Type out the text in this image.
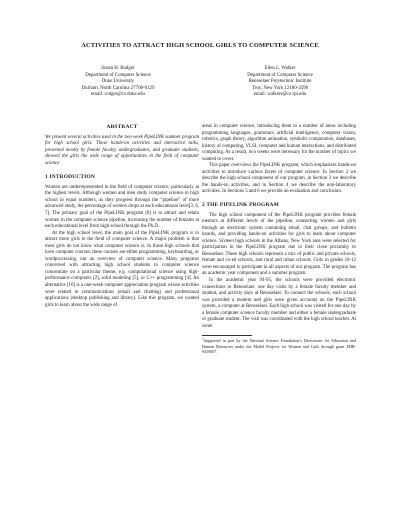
ACTIVITIES TO ATTRACT HIGH SCHOOL GIRLS TO COMPUTER SCIENCE
Susan H. Rodger
Department of Computer Science
Duke University
Durham, North Carolina 27708-0129
email: rodger@cs.duke.edu
Ellen L. Walker
Department of Computer Science
Rensselaer Polytechnic Institute
Troy, New York 12180-3590
email: walkere@cs.rpi.edu
ABSTRACT

We present several activities used in the two-week PipeLINK summer program for high school girls. These hands-on activities and interactive talks, presented mostly by female faculty, undergraduates, and graduate students, showed the girls the wide range of opportunities in the field of computer science

1 INTRODUCTION

Women are underrepresented in the field of computer science, particularly at the highest levels. Although women and men study computer science in high school in equal numbers, as they progress through the “pipeline” of more advanced study, the percentage of women drops at each educational level[3, 6, 7]. The primary goal of the PipeLINK program [8] is to attract and retain women in the computer science pipeline, increasing the number of females at each educational level from high school through the Ph.D.

At the high school level, the main goal of the PipeLINK program is to attract more girls to the field of computer science. A major problem is that most girls do not know what computer science is. In those high schools that have computer courses, these courses are either programming, keyboarding, or wordprocessing, not an overview of computer science. Many programs concerned with attracting high school students to computer science concentrate on a particular theme, e.g. computational science using high-performance computers [2], solid modeling [5], or C++ programming [4]. An alternative [10] is a one-week computer appreciation program whose activities were related to communications (email and chatting) and professional applications (desktop publishing and library). Like this program, we wanted girls to learn about the wide range of

areas in computer science, introducing them to a number of areas including programming languages, grammars, artificial intelligence, computer vision, robotics, graph theory, algorithm animation, symbolic computation, databases, history of computing, VLSI, computer and human interactions, and distributed computing. As a result, two weeks were necessary for the number of topics we wanted to cover.

This paper overviews the PipeLINK program, which emphasizes hands-on activities to introduce various facets of computer science. In Section 2 we describe the high school component of our program, in Section 3 we describe the hands-on activities, and in Section 4 we describe the non-laboratory activities. In Sections 5 and 6 we provide an evaluation and conclusion.

2 THE PIPELINK PROGRAM

The high school component of the PipeLINK program provides female mentors at different levels of the pipeline, connecting women and girls through an electronic system containing email, chat groups, and bulletin boards, and providing hands-on activities for girls to learn about computer science. Sixteen high schools in the Albany, New York area were selected for participation in the PipeLINK program due to their close proximity to Rensselaer. These high schools represent a mix of public and private schools, female and co-ed schools, and rural and urban schools. Girls in grades 10-12 were encouraged to participate in all aspects of our program. The program has an academic year component and a summer program.

In the academic year 94-95, the schools were provided electronic connections to Rensselaer, one day visits by a female faculty member and student, and activity days at Rensselaer. To connect the schools, each school was provided a modem and girls were given accounts on the PipeLINK system, a computer at Rensselaer. Each high school was visited for one day by a female computer science faculty member and either a female undergraduate or graduate student. The visit was coordinated with the high school teacher. At some

$^1$Supported in part by the National Science Foundation’s Directorate for Education and Human Resources under the Model Projects for Women and Girls through grant EHR-9450007.
